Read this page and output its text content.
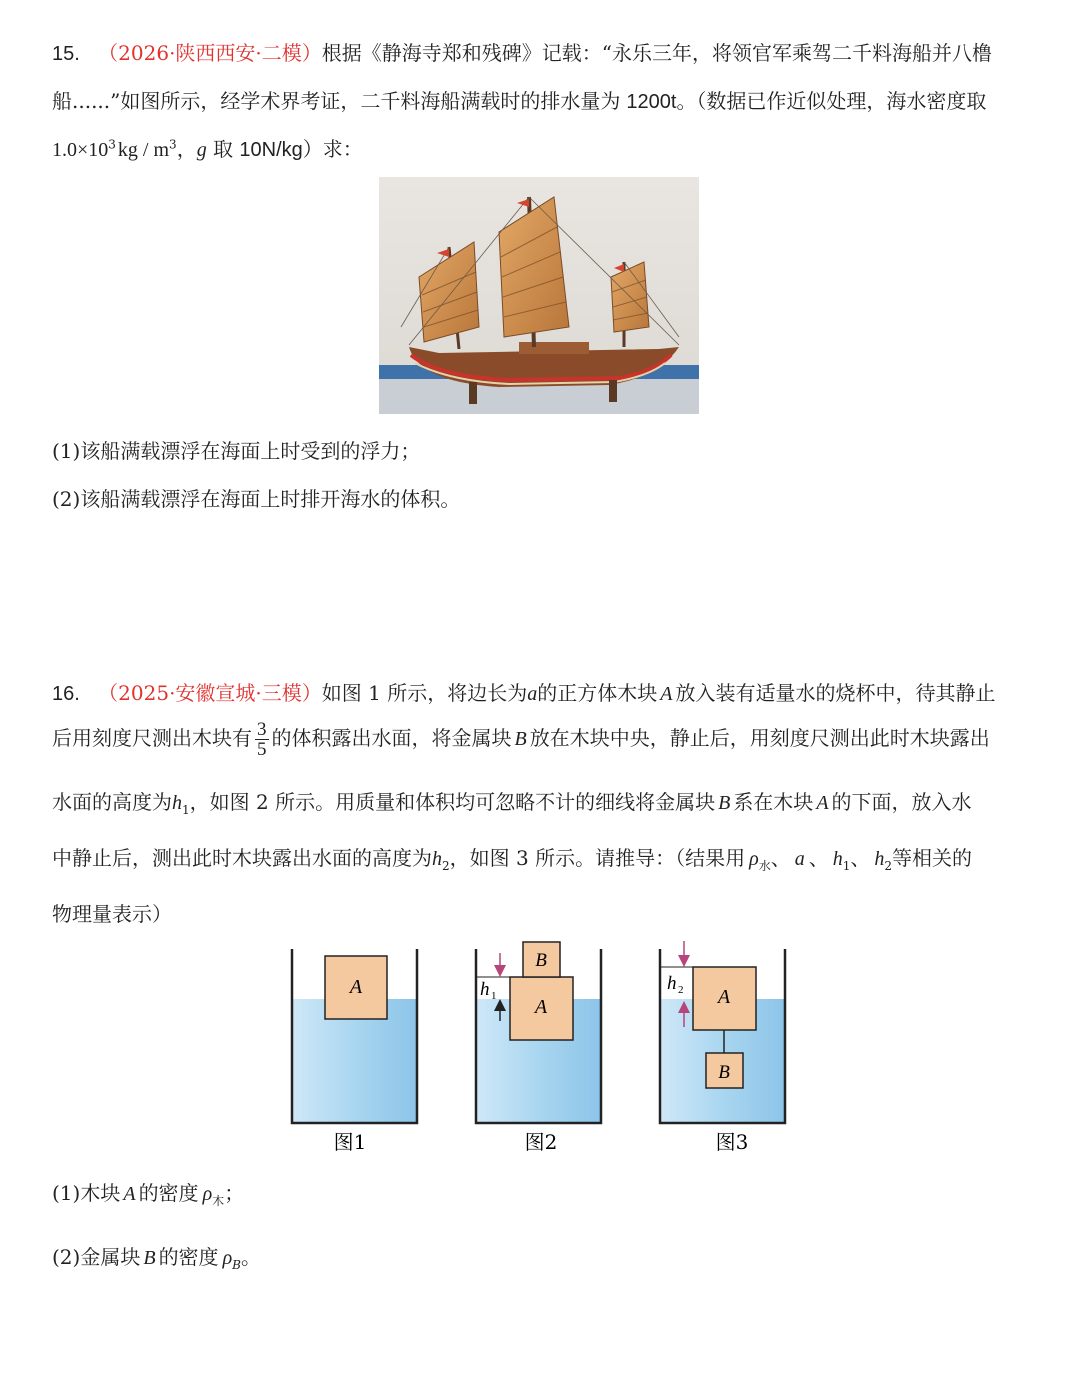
15. （2026·陕西西安·二模）根据《静海寺郑和残碑》记载：“永乐三年，将领官军乘驾二千料海船并八橹
船......”如图所示，经学术界考证，二千料海船满载时的排水量为 1200t。（数据已作近似处理，海水密度取
$1.0\times 10^3$ kg / $m^3$，g 取 10N/kg）求：
(1)该船满载漂浮在海面上时受到的浮力；
(2)该船满载漂浮在海面上时排开海水的体积。
16. （2025·安徽宣城·三模）如图 1 所示，将边长为a的正方体木块 A 放入装有适量水的烧杯中，待其静止
后用刻度尺测出木块有 $\frac{3}{5}$ 的体积露出水面，将金属块 B 放在木块中央，静止后，用刻度尺测出此时木块露出
水面的高度为$h_1$，如图 2 所示。用质量和体积均可忽略不计的细线将金属块 B 系在木块 A 的下面，放入水
中静止后，测出此时木块露出水面的高度为$h_2$，如图 3 所示。请推导：（结果用 $\rho_水$、 a 、 $h_1$、 $h_2$等相关的
物理量表示）
(1)木块 A 的密度 $\rho_木$；
(2)金属块 B 的密度 $\rho_B$。
A
图1
A
B
h 1
图2
A
B
h 2
图3
